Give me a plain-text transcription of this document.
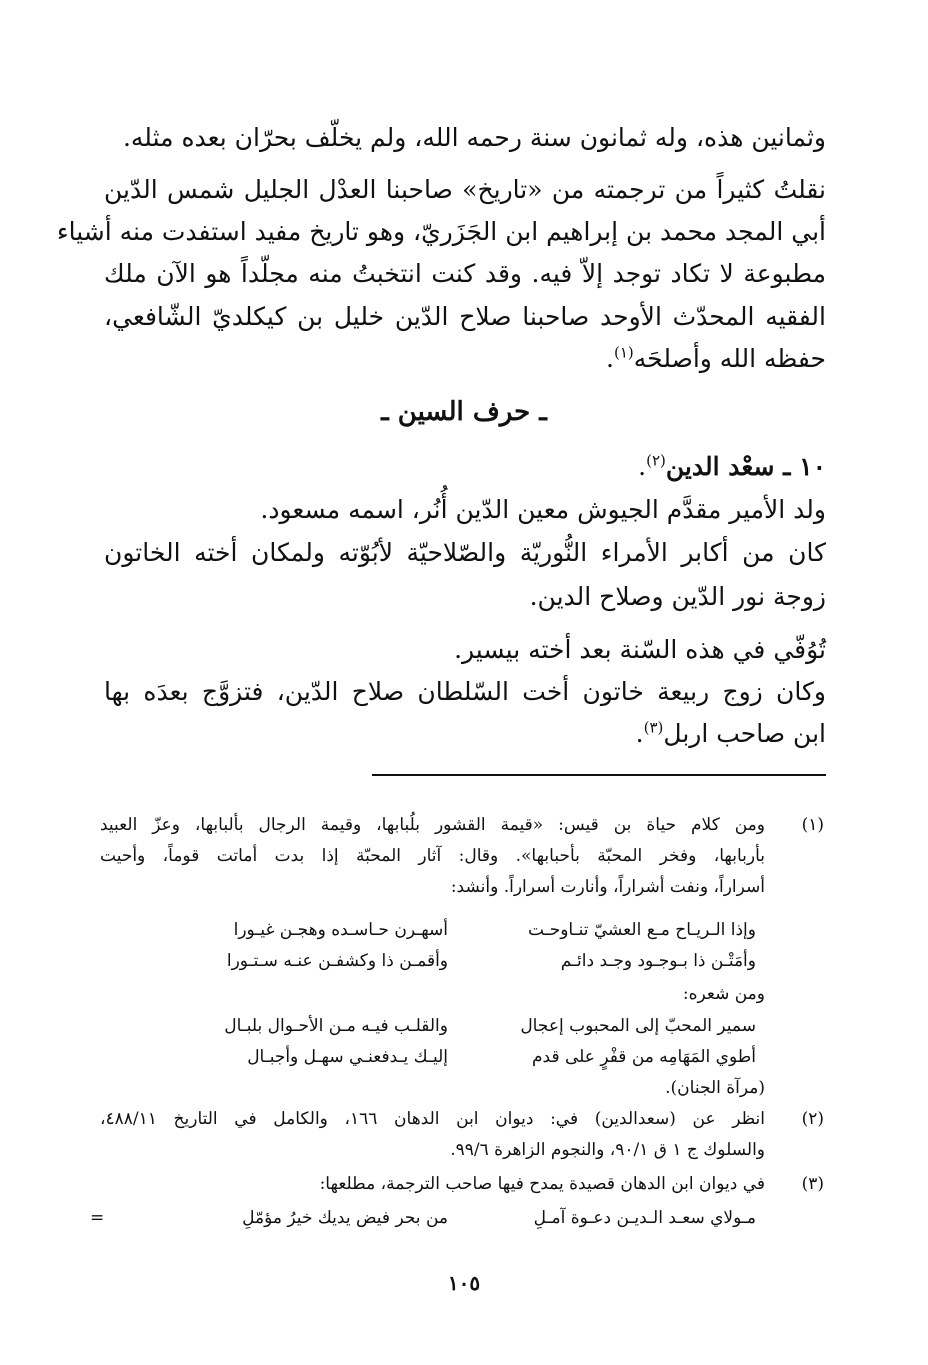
وثمانين هذه، وله ثمانون سنة رحمه الله، ولم يخلّف بحرّان بعده مثله.
نقلتُ كثيراً من ترجمته من «تاريخ» صاحبنا العدْل الجليل شمس الدّين
أبي المجد محمد بن إبراهيم ابن الجَزَريّ، وهو تاريخ مفيد استفدت منه أشياء
مطبوعة لا تكاد توجد إلاّ فيه. وقد كنت انتخبتُ منه مجلّداً هو الآن ملك
الفقيه المحدّث الأوحد صاحبنا صلاح الدّين خليل بن كيكلديّ الشّافعي،
حفظه الله وأصلحَه$^{(١)}$.
ـ حرف السين ـ
١٠ ـ سعْد الدين$^{(٢)}$.
ولد الأمير مقدَّم الجيوش معين الدّين أُنُر، اسمه مسعود.
كان من أكابر الأمراء النُّوريّة والصّلاحيّة لأبُوّته ولمكان أخته الخاتون
زوجة نور الدّين وصلاح الدين.
تُوُفّي في هذه السّنة بعد أخته بيسير.
وكان زوج ربيعة خاتون أخت السّلطان صلاح الدّين، فتزوَّج بعدَه بها
ابن صاحب اربل$^{(٣)}$.
(١)
ومن كلام حياة بن قيس: «قيمة القشور بلُبابها، وقيمة الرجال بألبابها، وعزّ العبيد
بأربابها، وفخر المحبّة بأحبابها». وقال: آثار المحبّة إذا بدت أماتت قوماً، وأحيت
أسراراً، ونفت أشراراً، وأنارت أسراراً. وأنشد:
وإذا الـريـاح مـع العشيّ تنـاوحـت
أسهـرن حـاسـده وهجـن غيـورا
وأمَتْـن ذا بـوجـود وجـد دائـم
وأقمـن ذا وكشفـن عنـه سـتـورا
ومن شعره:
سمير المحبّ إلى المحبوب إعجال
والقلـب فيـه مـن الأحـوال بلبـال
أطوي المَهَامِه من قفْرٍ على قدم
إليـك يـدفعنـي سهـل وأجبـال
(مرآة الجنان).
(٢)
انظر عن (سعدالدين) في: ديوان ابن الدهان ١٦٦، والكامل في التاريخ ٤٨٨/١١،
والسلوك ج ١ ق ٩٠/١، والنجوم الزاهرة ٩٩/٦.
(٣)
في ديوان ابن الدهان قصيدة يمدح فيها صاحب الترجمة، مطلعها:
مـولاي سعـد الـديـن دعـوة آمـلِ
من بحر فيض يديك خيرُ مؤمّلِ
=
١٠٥
